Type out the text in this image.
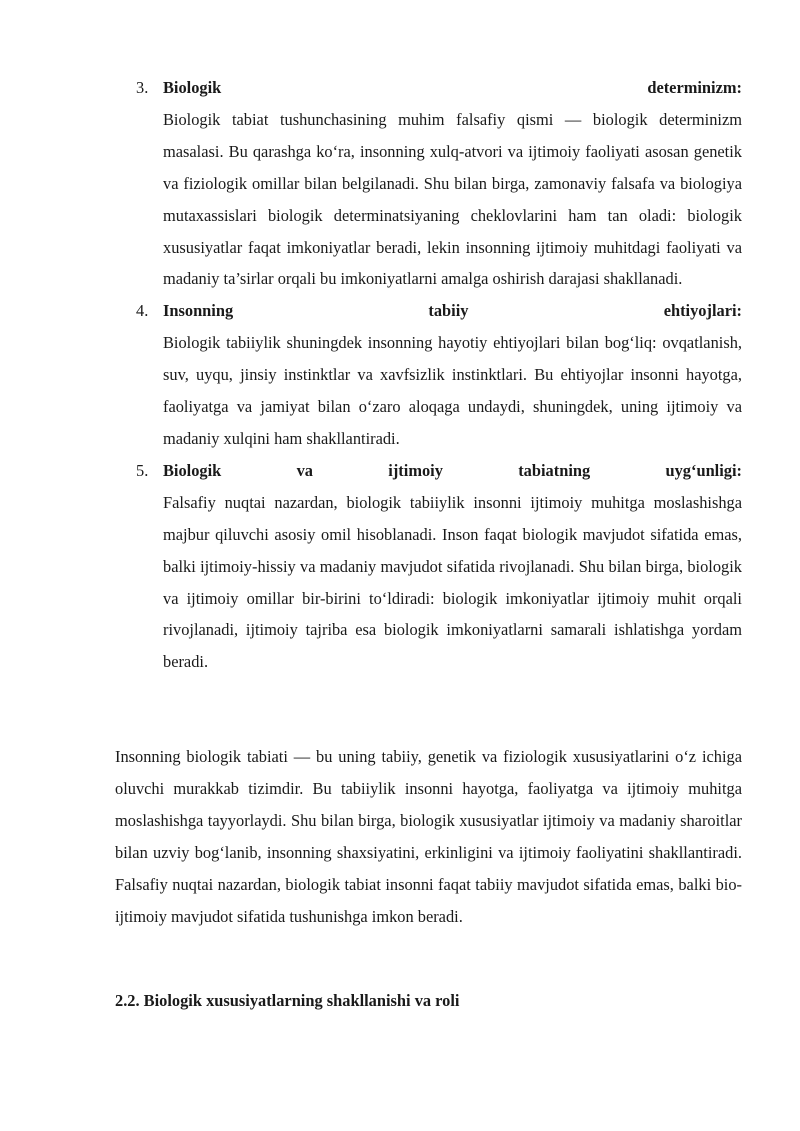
3. Biologik determinizm:
Biologik tabiat tushunchasining muhim falsafiy qismi — biologik determinizm masalasi. Bu qarashga ko‘ra, insonning xulq-atvori va ijtimoiy faoliyati asosan genetik va fiziologik omillar bilan belgilanadi. Shu bilan birga, zamonaviy falsafa va biologiya mutaxassislari biologik determinatsiyaning cheklovlarini ham tan oladi: biologik xususiyatlar faqat imkoniyatlar beradi, lekin insonning ijtimoiy muhitdagi faoliyati va madaniy ta’sirlar orqali bu imkoniyatlarni amalga oshirish darajasi shakllanadi.
4. Insonning tabiiy ehtiyojlari:
Biologik tabiiylik shuningdek insonning hayotiy ehtiyojlari bilan bog‘liq: ovqatlanish, suv, uyqu, jinsiy instinktlar va xavfsizlik instinktlari. Bu ehtiyojlar insonni hayotga, faoliyatga va jamiyat bilan o‘zaro aloqaga undaydi, shuningdek, uning ijtimoiy va madaniy xulqini ham shakllantiradi.
5. Biologik va ijtimoiy tabiatning uyg‘unligi:
Falsafiy nuqtai nazardan, biologik tabiiylik insonni ijtimoiy muhitga moslashishga majbur qiluvchi asosiy omil hisoblanadi. Inson faqat biologik mavjudot sifatida emas, balki ijtimoiy-hissiy va madaniy mavjudot sifatida rivojlanadi. Shu bilan birga, biologik va ijtimoiy omillar bir-birini to‘ldiradi: biologik imkoniyatlar ijtimoiy muhit orqali rivojlanadi, ijtimoiy tajriba esa biologik imkoniyatlarni samarali ishlatishga yordam beradi.
Insonning biologik tabiati — bu uning tabiiy, genetik va fiziologik xususiyatlarini o‘z ichiga oluvchi murakkab tizimdir. Bu tabiiylik insonni hayotga, faoliyatga va ijtimoiy muhitga moslashishga tayyorlaydi. Shu bilan birga, biologik xususiyatlar ijtimoiy va madaniy sharoitlar bilan uzviy bog‘lanib, insonning shaxsiyatini, erkinligini va ijtimoiy faoliyatini shakllantiradi. Falsafiy nuqtai nazardan, biologik tabiat insonni faqat tabiiy mavjudot sifatida emas, balki bio-ijtimoiy mavjudot sifatida tushunishga imkon beradi.
2.2. Biologik xususiyatlarning shakllanishi va roli
